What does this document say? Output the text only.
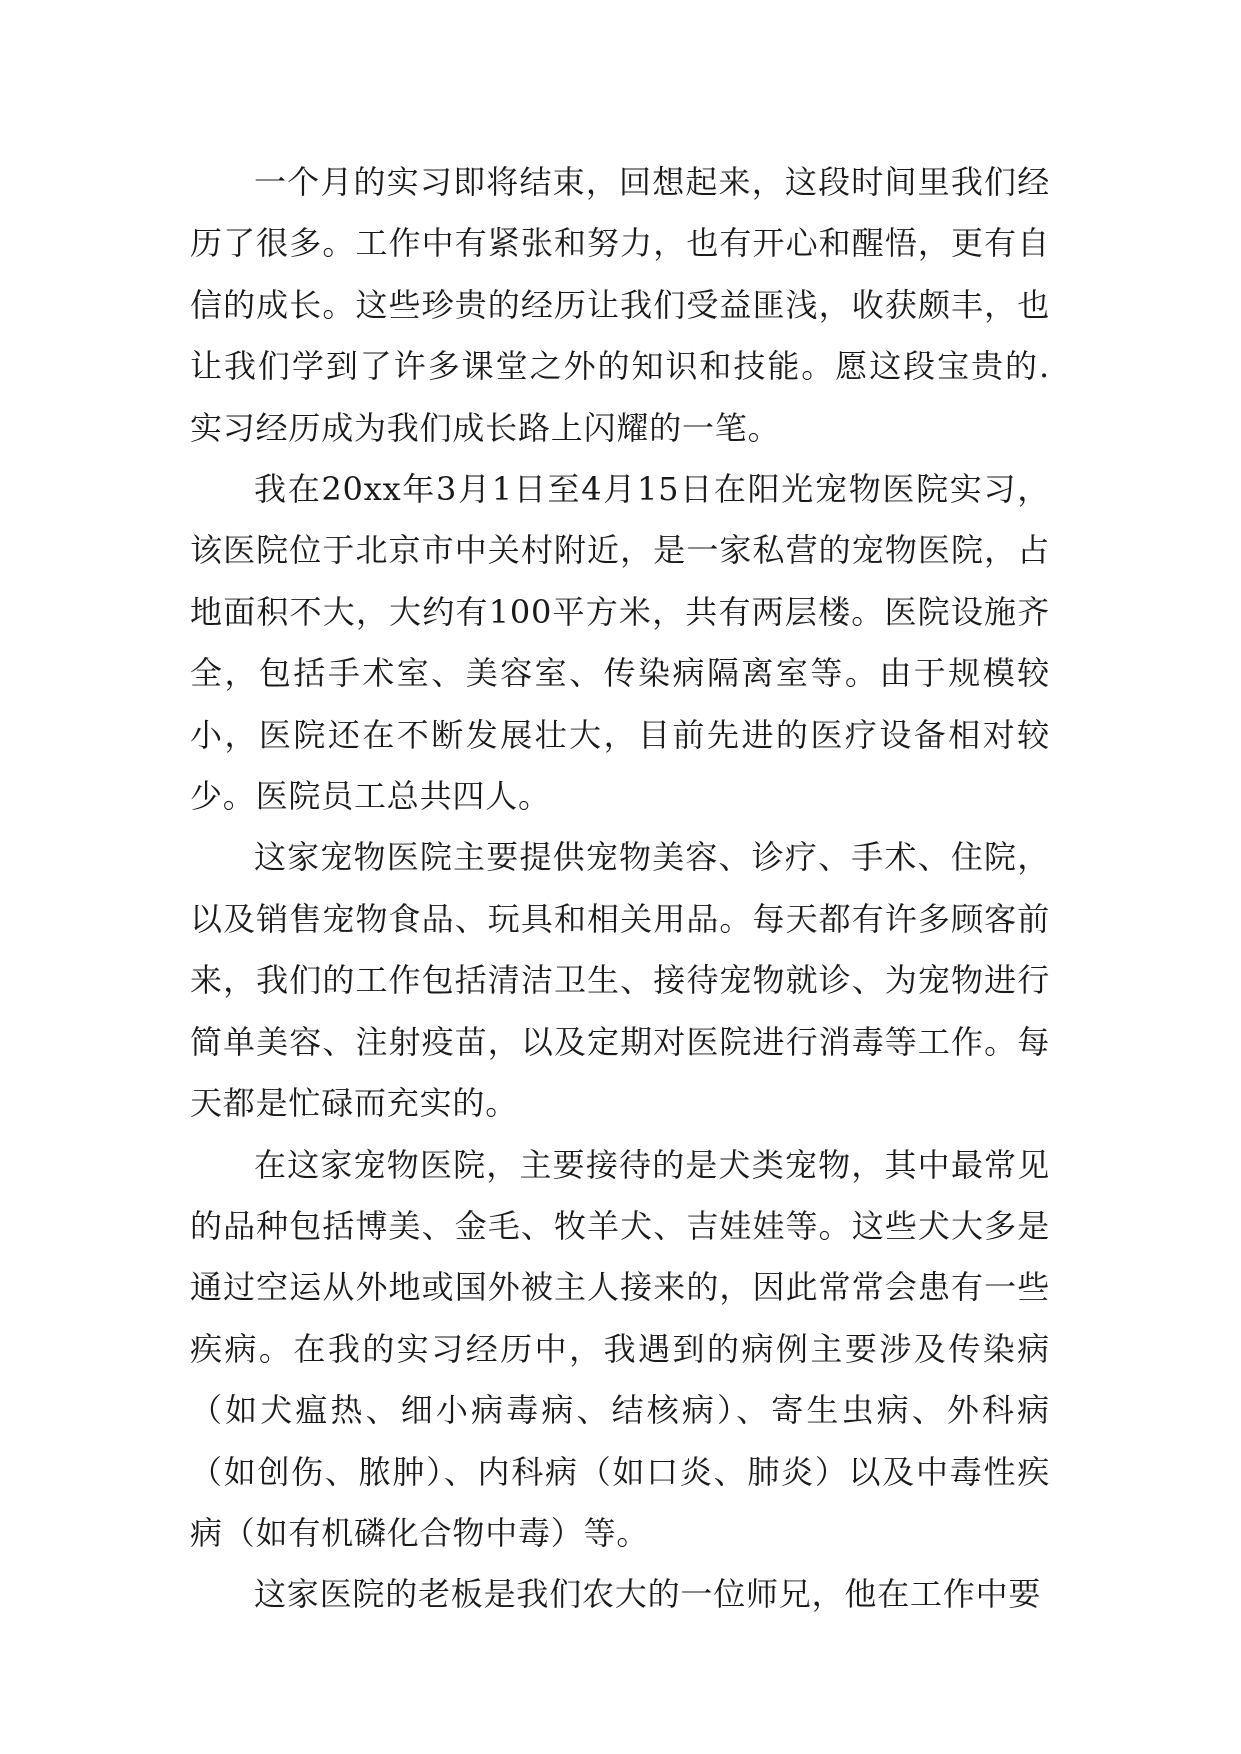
一个月的实习即将结束，回想起来，这段时间里我们经历了很多。工作中有紧张和努力，也有开心和醒悟，更有自信的成长。这些珍贵的经历让我们受益匪浅，收获颇丰，也让我们学到了许多课堂之外的知识和技能。愿这段宝贵的.实习经历成为我们成长路上闪耀的一笔。

我在20xx年3月1日至4月15日在阳光宠物医院实习，该医院位于北京市中关村附近，是一家私营的宠物医院，占地面积不大，大约有100平方米，共有两层楼。医院设施齐全，包括手术室、美容室、传染病隔离室等。由于规模较小，医院还在不断发展壮大，目前先进的医疗设备相对较少。医院员工总共四人。

这家宠物医院主要提供宠物美容、诊疗、手术、住院，以及销售宠物食品、玩具和相关用品。每天都有许多顾客前来，我们的工作包括清洁卫生、接待宠物就诊、为宠物进行简单美容、注射疫苗，以及定期对医院进行消毒等工作。每天都是忙碌而充实的。

在这家宠物医院，主要接待的是犬类宠物，其中最常见的品种包括博美、金毛、牧羊犬、吉娃娃等。这些犬大多是通过空运从外地或国外被主人接来的，因此常常会患有一些疾病。在我的实习经历中，我遇到的病例主要涉及传染病（如犬瘟热、细小病毒病、结核病）、寄生虫病、外科病（如创伤、脓肿）、内科病（如口炎、肺炎）以及中毒性疾病（如有机磷化合物中毒）等。

这家医院的老板是我们农大的一位师兄，他在工作中要
